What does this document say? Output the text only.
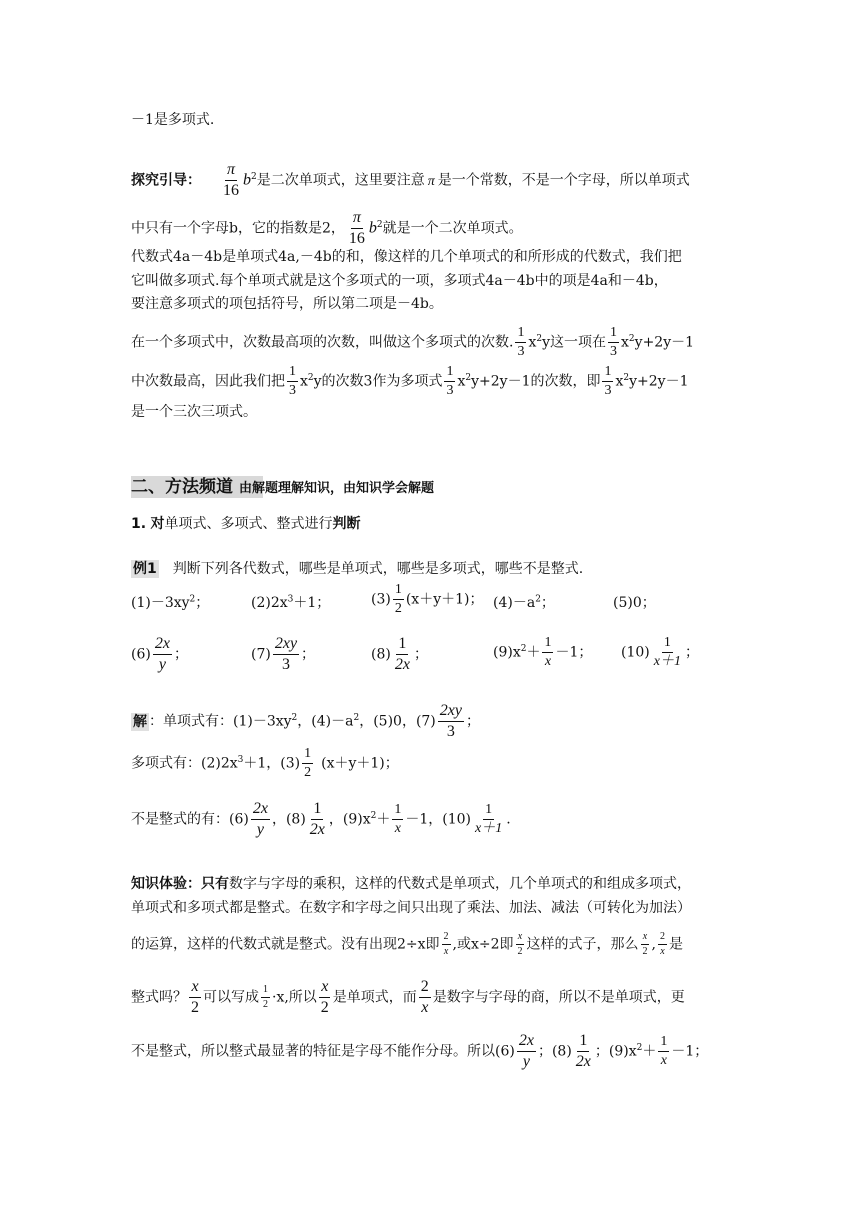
－1是多项式.
探究引导： $\frac{\pi}{16} b^2$是二次单项式，这里要注意 π 是一个常数，不是一个字母，所以单项式
中只有一个字母b，它的指数是2， $\frac{\pi}{16} b^2$就是一个二次单项式。
代数式4a－4b是单项式4a,－4b的和，像这样的几个单项式的和所形成的代数式，我们把
它叫做多项式.每个单项式就是这个多项式的一项，多项式4a－4b中的项是4a和－4b，
要注意多项式的项包括符号，所以第二项是－4b。
在一个多项式中，次数最高项的次数，叫做这个多项式的次数. $\frac{1}{3} x^2y$这一项在 $\frac{1}{3} x^2y+2y-1$
中次数最高，因此我们把 $\frac{1}{3} x^2y$的次数3作为多项式 $\frac{1}{3} x^2y+2y-1$的次数，即 $\frac{1}{3} x^2y+2y-1$
是一个三次三项式。
二、方法频道 由解题理解知识，由知识学会解题
1. 对单项式、多项式、整式进行判断
例1 判断下列各代数式，哪些是单项式，哪些是多项式，哪些不是整式.
$(1)-3xy^2$；	$(2)2x^3+1$；	$(3) \frac{1}{2} (x+y+1)$； $(4)-a^2$；	(5)0；
$(6) \frac{2x}{y}$ ；	$(7) \frac{2xy}{3}$ ；	$(8) \frac{1}{2x}$ ；	$(9)x^2+ \frac{1}{x} -1$； $(10) \frac{1}{x+1}$ ；
解 ：单项式有：$(1)-3xy^2$，$(4)-a^2$，(5)0，$(7) \frac{2xy}{3}$ ；
多项式有：$(2)2x^3+1$，$(3) \frac{1}{2} (x+y+1)$；
不是整式的有：$(6) \frac{2x}{y}$ ，$(8) \frac{1}{2x}$ ，$(9)x^2+ \frac{1}{x} -1$，$(10) \frac{1}{x+1}$ .
知识体验：只有数字与字母的乘积，这样的代数式是单项式，几个单项式的和组成多项式，
单项式和多项式都是整式。在数字和字母之间只出现了乘法、加法、减法（可转化为加法）
的运算，这样的代数式就是整式。没有出现2÷x即 $\frac{2}{x}$ ,或x÷2即 $\frac{x}{2}$ 这样的式子，那么 $\frac{x}{2}$ , $\frac{2}{x}$ 是
整式吗？ $\frac{x}{2}$ 可以写成 $\frac{1}{2} \cdot x$,所以 $\frac{x}{2}$ 是单项式，而 $\frac{2}{x}$ 是数字与字母的商，所以不是单项式，更
不是整式，所以整式最显著的特征是字母不能作分母。所以$(6) \frac{2x}{y}$ ；$(8) \frac{1}{2x}$ ；$(9)x^2+ \frac{1}{x} -1$；
